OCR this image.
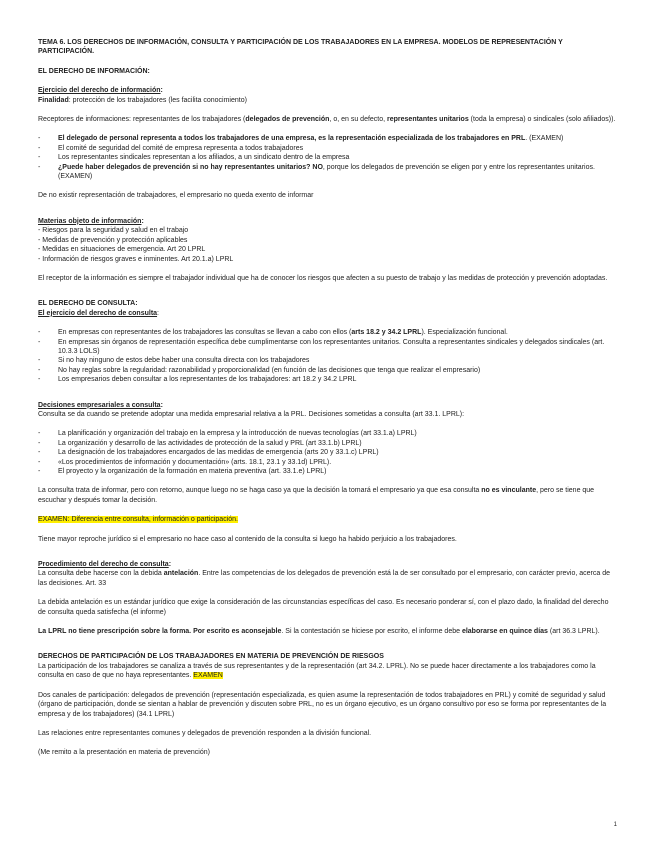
TEMA 6. LOS DERECHOS DE INFORMACIÓN, CONSULTA Y PARTICIPACIÓN DE LOS TRABAJADORES EN LA EMPRESA. MODELOS DE REPRESENTACIÓN Y PARTICIPACIÓN.

EL DERECHO DE INFORMACIÓN:

Ejercicio del derecho de información:

Finalidad: protección de los trabajadores (les facilita conocimiento)

Receptores de informaciones: representantes de los trabajadores (delegados de prevención, o, en su defecto, representantes unitarios (toda la empresa) o sindicales (solo afiliados)).

- El delegado de personal representa a todos los trabajadores de una empresa, es la representación especializada de los trabajadores en PRL. (EXAMEN)
- El comité de seguridad del comité de empresa representa a todos trabajadores
- Los representantes sindicales representan a los afiliados, a un sindicato dentro de la empresa
- ¿Puede haber delegados de prevención si no hay representantes unitarios? NO, porque los delegados de prevención se eligen por y entre los representantes unitarios. (EXAMEN)

De no existir representación de trabajadores, el empresario no queda exento de informar

Materias objeto de información:

- Riesgos para la seguridad y salud en el trabajo

- Medidas de prevención y protección aplicables

- Medidas en situaciones de emergencia. Art 20 LPRL

- Información de riesgos graves e inminentes. Art 20.1.a) LPRL

El receptor de la información es siempre el trabajador individual que ha de conocer los riesgos que afecten a su puesto de trabajo y las medidas de protección y prevención adoptadas.

EL DERECHO DE CONSULTA:

El ejercicio del derecho de consulta:

- En empresas con representantes de los trabajadores las consultas se llevan a cabo con ellos (arts 18.2 y 34.2 LPRL). Especialización funcional.
- En empresas sin órganos de representación específica debe cumplimentarse con los representantes unitarios. Consulta a representantes sindicales y delegados sindicales (art. 10.3.3 LOLS)
- Si no hay ninguno de estos debe haber una consulta directa con los trabajadores
- No hay reglas sobre la regularidad: razonabilidad y proporcionalidad (en función de las decisiones que tenga que realizar el empresario)
- Los empresarios deben consultar a los representantes de los trabajadores: art 18.2 y 34.2 LPRL

Decisiones empresariales a consulta:

Consulta se da cuando se pretende adoptar una medida empresarial relativa a la PRL. Decisiones sometidas a consulta (art 33.1. LPRL):

- La planificación y organización del trabajo en la empresa y la introducción de nuevas tecnologías (art 33.1.a) LPRL)
- La organización y desarrollo de las actividades de protección de la salud y PRL (art 33.1.b) LPRL)
- La designación de los trabajadores encargados de las medidas de emergencia (arts 20 y 33.1.c) LPRL)
- «Los procedimientos de información y documentación» (arts. 18.1, 23.1 y 33.1d) LPRL).
- El proyecto y la organización de la formación en materia preventiva (art. 33.1.e) LPRL)

La consulta trata de informar, pero con retorno, aunque luego no se haga caso ya que la decisión la tomará el empresario ya que esa consulta no es vinculante, pero se tiene que escuchar y después tomar la decisión.

EXAMEN: Diferencia entre consulta, información o participación.

Tiene mayor reproche jurídico si el empresario no hace caso al contenido de la consulta si luego ha habido perjuicio a los trabajadores.

Procedimiento del derecho de consulta:

La consulta debe hacerse con la debida antelación. Entre las competencias de los delegados de prevención está la de ser consultado por el empresario, con carácter previo, acerca de las decisiones. Art. 33

La debida antelación es un estándar jurídico que exige la consideración de las circunstancias específicas del caso. Es necesario ponderar sí, con el plazo dado, la finalidad del derecho de consulta queda satisfecha (el informe)

La LPRL no tiene prescripción sobre la forma. Por escrito es aconsejable. Si la contestación se hiciese por escrito, el informe debe elaborarse en quince días (art 36.3 LPRL).

DERECHOS DE PARTICIPACIÓN DE LOS TRABAJADORES EN MATERIA DE PREVENCIÓN DE RIESGOS

La participación de los trabajadores se canaliza a través de sus representantes y de la representación (art 34.2. LPRL). No se puede hacer directamente a los trabajadores como la consulta en caso de que no haya representantes. EXAMEN

Dos canales de participación: delegados de prevención (representación especializada, es quien asume la representación de todos trabajadores en PRL) y comité de seguridad y salud (órgano de participación, donde se sientan a hablar de prevención y discuten sobre PRL, no es un órgano ejecutivo, es un órgano consultivo por eso se forma por representantes de la empresa y de los trabajadores) (34.1 LPRL)

Las relaciones entre representantes comunes y delegados de prevención responden a la división funcional.

(Me remito a la presentación en materia de prevención)

1
